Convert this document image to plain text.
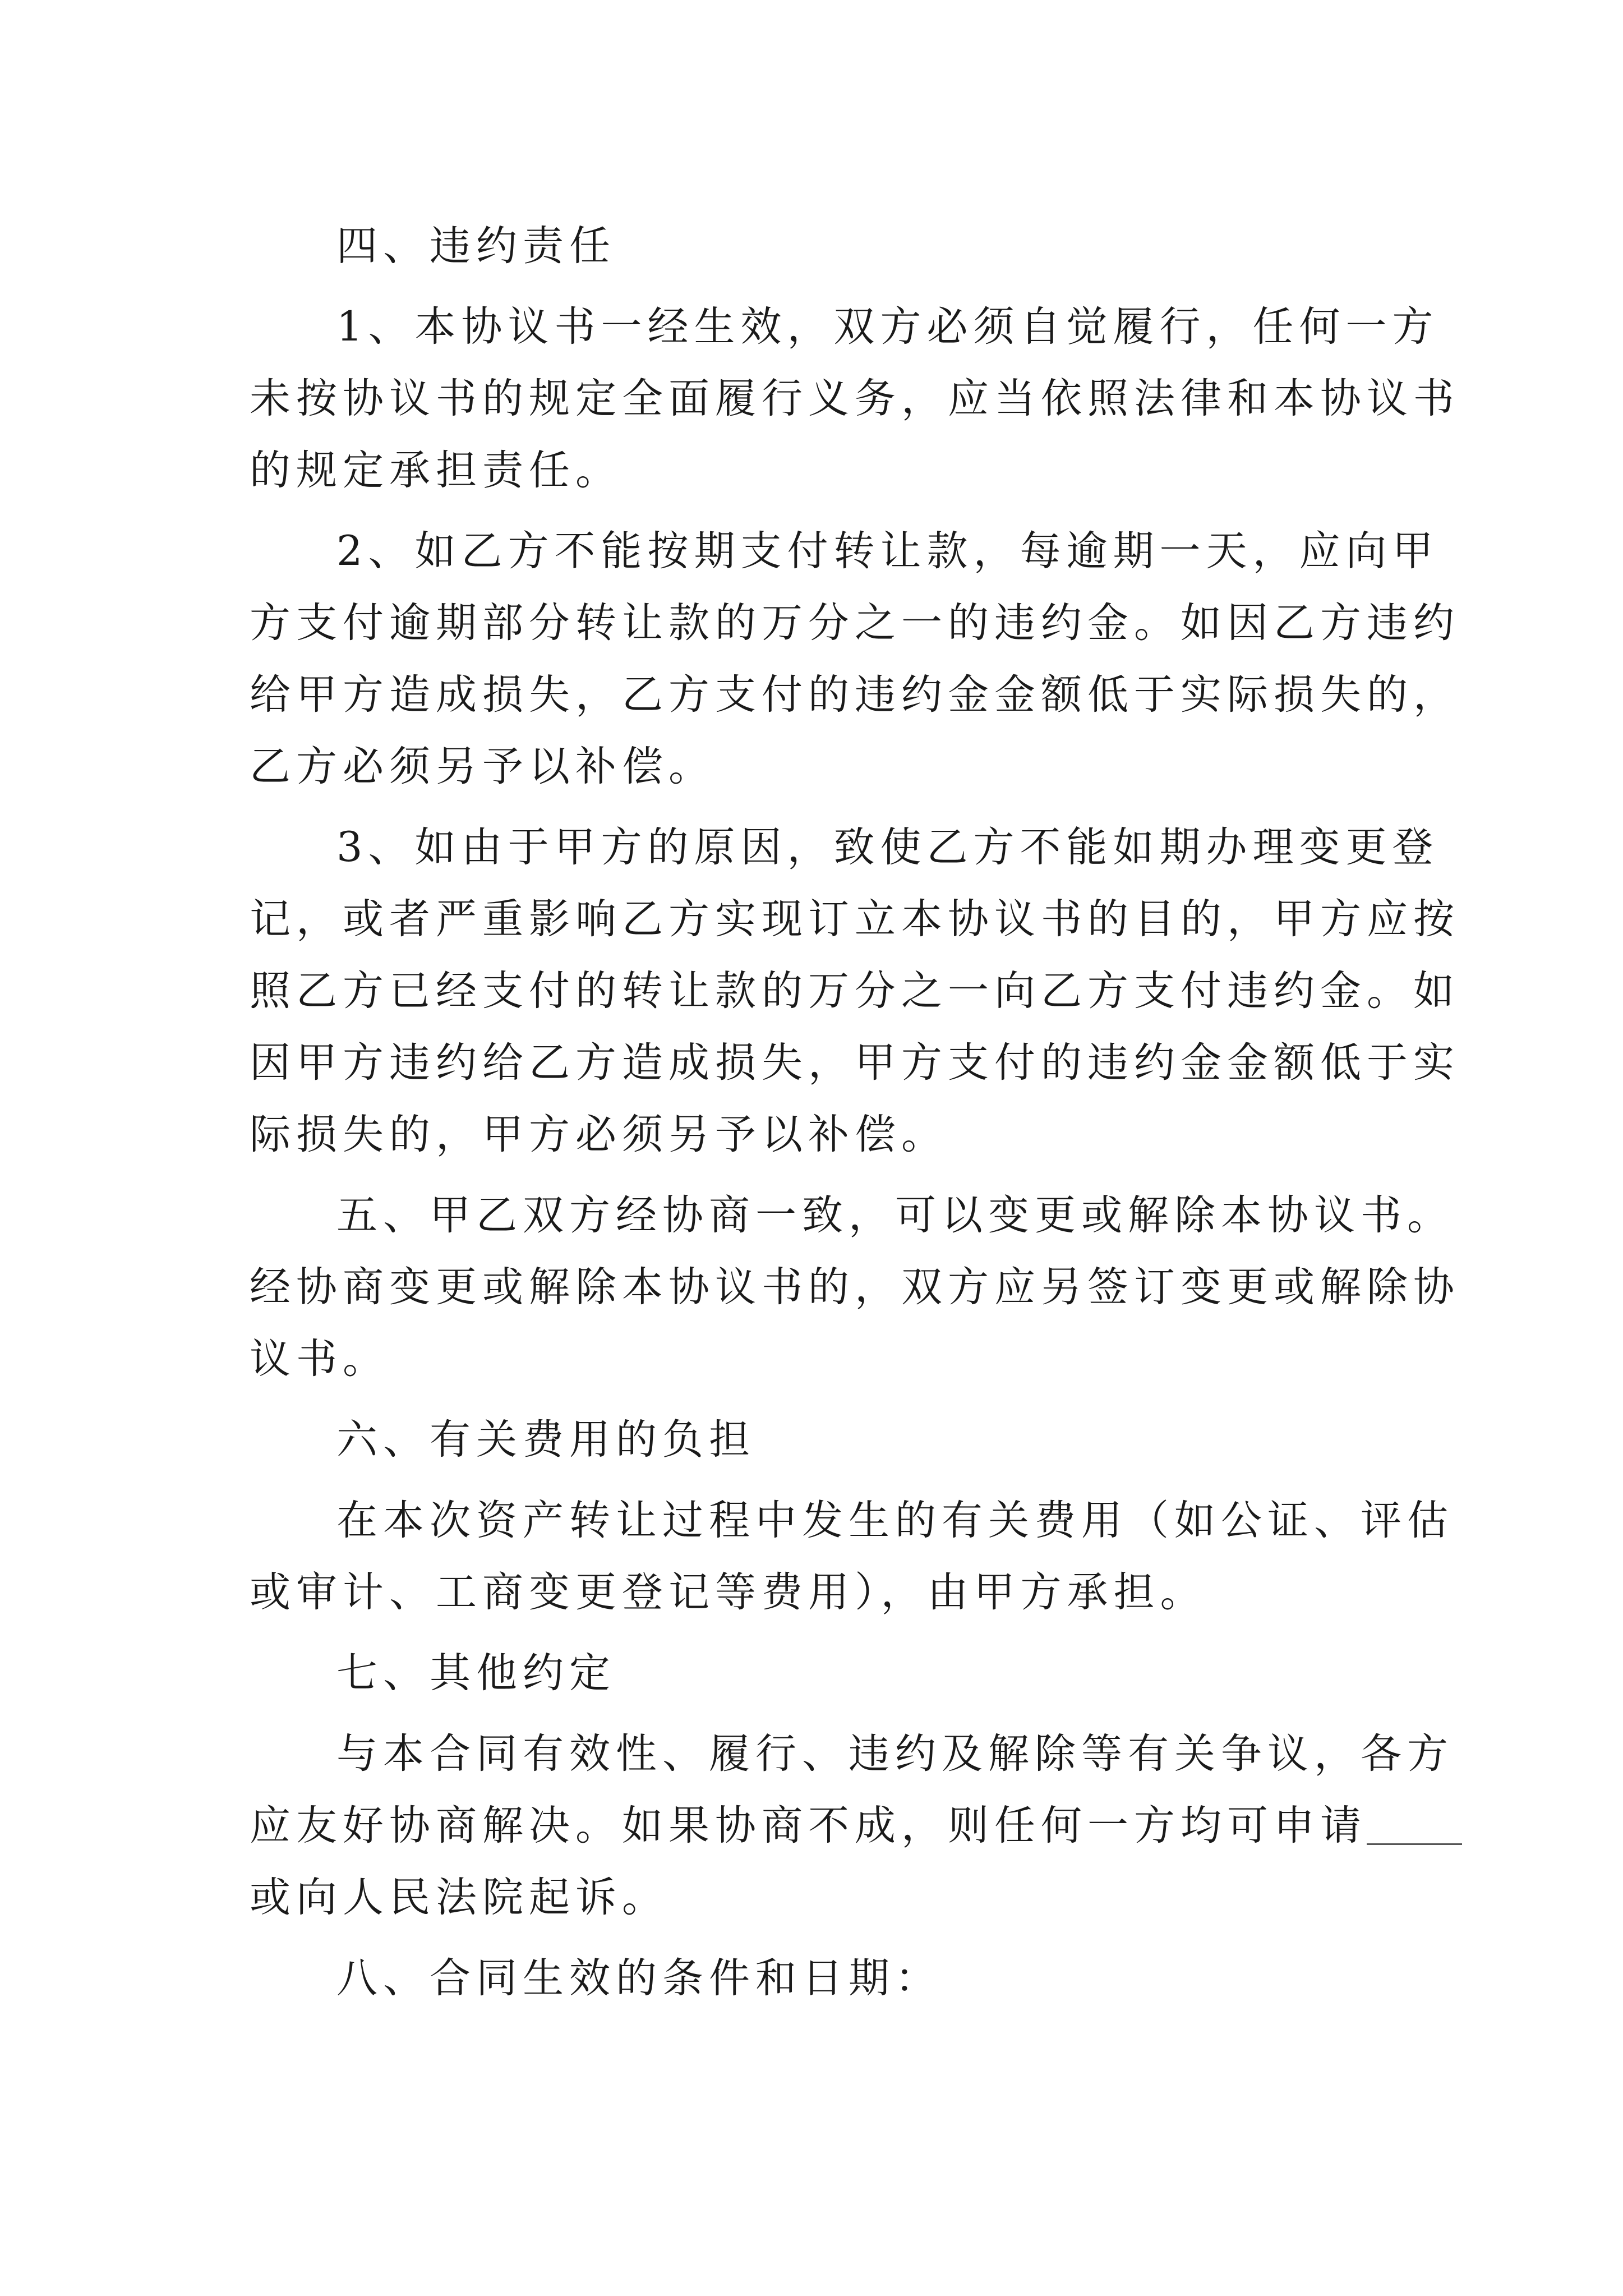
四、违约责任
1、本协议书一经生效，双方必须自觉履行，任何一方
未按协议书的规定全面履行义务，应当依照法律和本协议书
的规定承担责任。
2、如乙方不能按期支付转让款，每逾期一天，应向甲
方支付逾期部分转让款的万分之一的违约金。如因乙方违约
给甲方造成损失，乙方支付的违约金金额低于实际损失的，
乙方必须另予以补偿。
3、如由于甲方的原因，致使乙方不能如期办理变更登
记，或者严重影响乙方实现订立本协议书的目的，甲方应按
照乙方已经支付的转让款的万分之一向乙方支付违约金。如
因甲方违约给乙方造成损失，甲方支付的违约金金额低于实
际损失的，甲方必须另予以补偿。
五、甲乙双方经协商一致，可以变更或解除本协议书。
经协商变更或解除本协议书的，双方应另签订变更或解除协
议书。
六、有关费用的负担
在本次资产转让过程中发生的有关费用（如公证、评估
或审计、工商变更登记等费用），由甲方承担。
七、其他约定
与本合同有效性、履行、违约及解除等有关争议，各方
应友好协商解决。如果协商不成，则任何一方均可申请
或向人民法院起诉。
八、合同生效的条件和日期：
